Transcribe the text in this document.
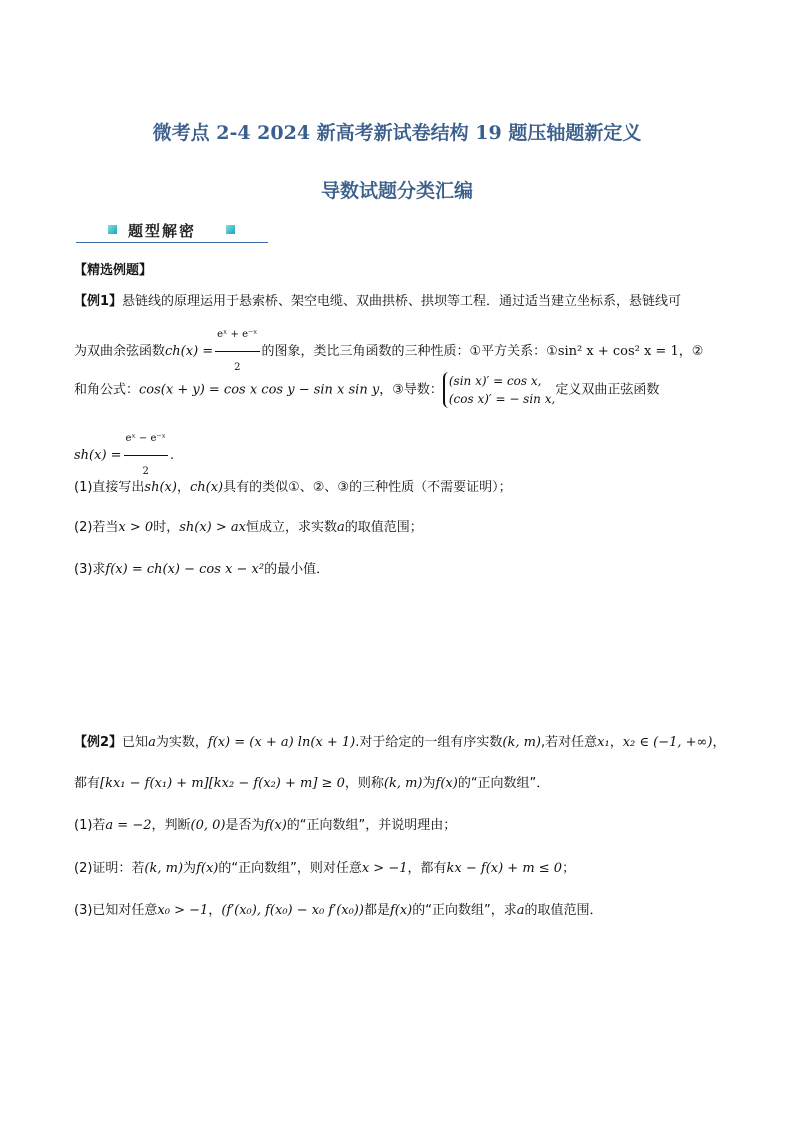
微考点 2-4 2024 新高考新试卷结构 19 题压轴题新定义
导数试题分类汇编
题型解密
【精选例题】
【例1】悬链线的原理运用于悬索桥、架空电缆、双曲拱桥、拱坝等工程．通过适当建立坐标系，悬链线可
为双曲余弦函数$ch(x) = \frac{\text{eˣ + e⁻ˣ}}{2}$ 的图象，类比三角函数的三种性质：①平方关系：①sin² x + cos² x = 1，②
和角公式：cos(x + y) = cos x cos y − sin x sin y，③导数：
(sin x)′ = cos x,
(cos x)′ = − sin x,
定义双曲正弦函数
$sh(x) = \frac{\text{eˣ − e⁻ˣ}}{2}$ .
(1)直接写出sh(x)，ch(x)具有的类似①、②、③的三种性质（不需要证明）；
(2)若当x > 0时，sh(x) > ax恒成立，求实数a的取值范围；
(3)求f(x) = ch(x) − cos x − x²的最小值．
【例2】已知a为实数，f(x) = (x + a) ln(x + 1).对于给定的一组有序实数(k, m),若对任意x₁，x₂ ∈ (−1, +∞)，
都有[kx₁ − f(x₁) + m][kx₂ − f(x₂) + m] ≥ 0，则称(k, m)为f(x)的“正向数组”．
(1)若a = −2，判断(0, 0)是否为f(x)的“正向数组”，并说明理由；
(2)证明：若(k, m)为f(x)的“正向数组”，则对任意x > −1，都有kx − f(x) + m ≤ 0；
(3)已知对任意x₀ > −1，(f′(x₀), f(x₀) − x₀ f′(x₀))都是f(x)的“正向数组”，求a的取值范围．
